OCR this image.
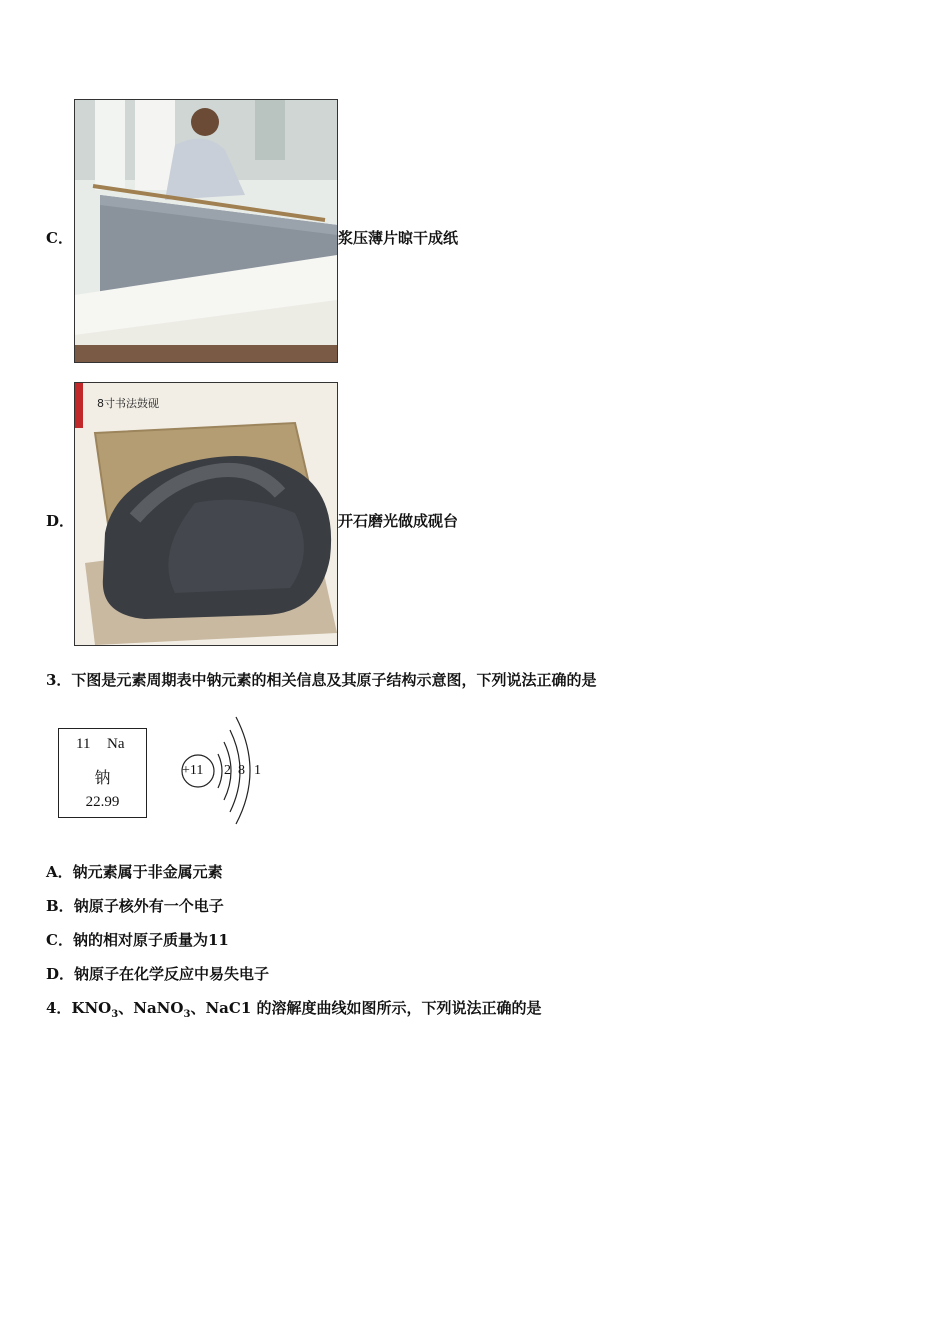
C．	浆压薄片晾干成纸
D．
8寸书法鼓砚
开石磨光做成砚台
3．下图是元素周期表中钠元素的相关信息及其原子结构示意图，下列说法正确的是
11 Na
钠
22.99
+11 2 8 1
A．钠元素属于非金属元素
B．钠原子核外有一个电子
C．钠的相对原子质量为11
D．钠原子在化学反应中易失电子
4．$KNO_3$、NaNO$_3$、NaC1 的溶解度曲线如图所示，下列说法正确的是
